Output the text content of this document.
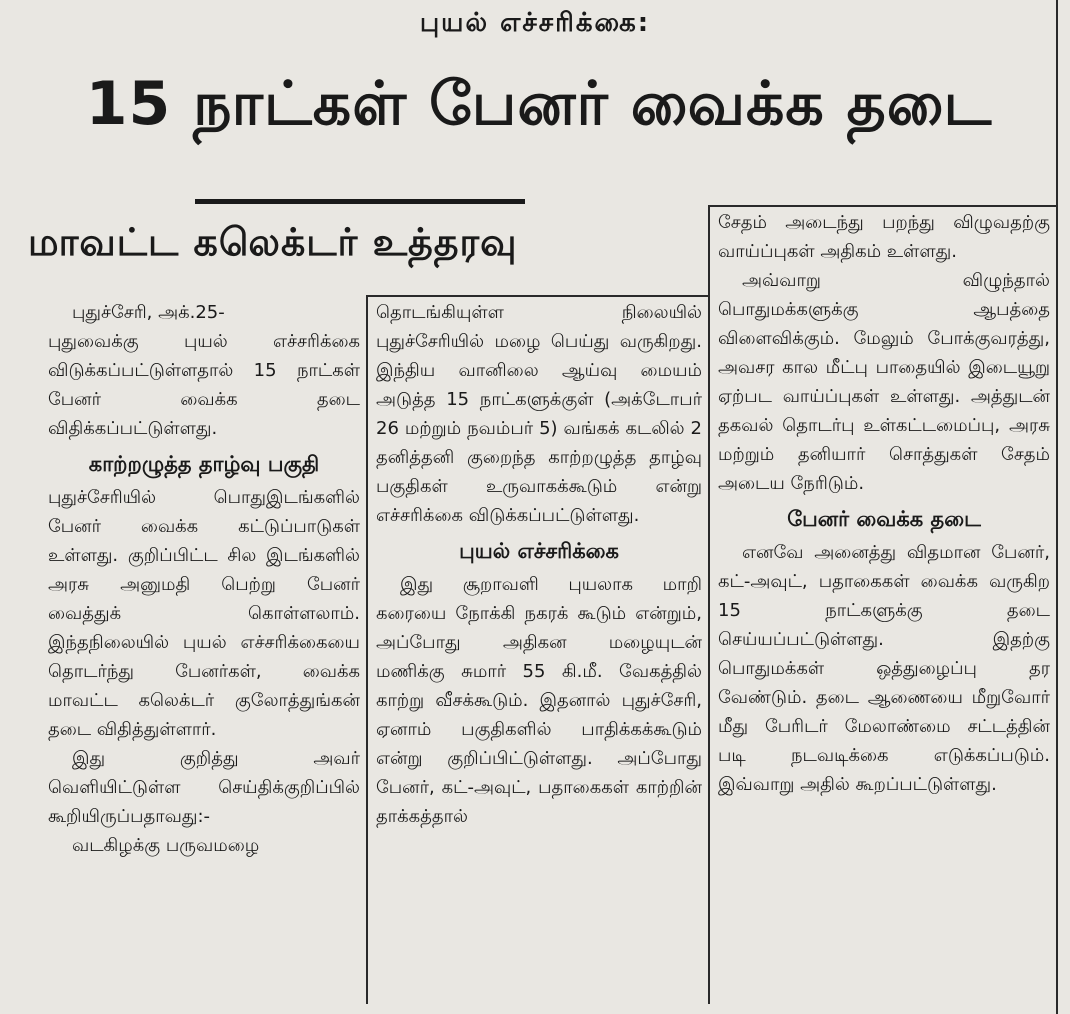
புயல் எச்சரிக்கை:
15 நாட்கள் பேனர் வைக்க தடை
மாவட்ட கலெக்டர் உத்தரவு

புதுச்சேரி, அக்.25-

புதுவைக்கு புயல் எச்சரிக்கை விடுக்கப்பட்டுள்ளதால் 15 நாட்கள் பேனர் வைக்க தடை விதிக்கப்பட்டுள்ளது.

காற்றழுத்த தாழ்வு பகுதி

புதுச்சேரியில் பொதுஇடங்களில் பேனர் வைக்க கட்டுப்பாடுகள் உள்ளது. குறிப்பிட்ட சில இடங்களில் அரசு அனுமதி பெற்று பேனர் வைத்துக் கொள்ளலாம். இந்தநிலையில் புயல் எச்சரிக்கையை தொடர்ந்து பேனர்கள், வைக்க மாவட்ட கலெக்டர் குலோத்துங்கன் தடை விதித்துள்ளார்.

இது குறித்து அவர் வெளியிட்டுள்ள செய்திக்குறிப்பில் கூறியிருப்பதாவது:-

வடகிழக்கு பருவமழை

தொடங்கியுள்ள நிலையில் புதுச்சேரியில் மழை பெய்து வருகிறது. இந்திய வானிலை ஆய்வு மையம் அடுத்த 15 நாட்களுக்குள் (அக்டோபர் 26 மற்றும் நவம்பர் 5) வங்கக் கடலில் 2 தனித்தனி குறைந்த காற்றழுத்த தாழ்வு பகுதிகள் உருவாகக்கூடும் என்று எச்சரிக்கை விடுக்கப்பட்டுள்ளது.

புயல் எச்சரிக்கை

இது சூறாவளி புயலாக மாறி கரையை நோக்கி நகரக் கூடும் என்றும், அப்போது அதிகன மழையுடன் மணிக்கு சுமார் 55 கி.மீ. வேகத்தில் காற்று வீசக்கூடும். இதனால் புதுச்சேரி, ஏனாம் பகுதிகளில் பாதிக்கக்கூடும் என்று குறிப்பிட்டுள்ளது. அப்போது பேனர், கட்-அவுட், பதாகைகள் காற்றின் தாக்கத்தால்

சேதம் அடைந்து பறந்து விழுவதற்கு வாய்ப்புகள் அதிகம் உள்ளது.

அவ்வாறு விழுந்தால் பொதுமக்களுக்கு ஆபத்தை விளைவிக்கும். மேலும் போக்குவரத்து, அவசர கால மீட்பு பாதையில் இடையூறு ஏற்பட வாய்ப்புகள் உள்ளது. அத்துடன் தகவல் தொடர்பு உள்கட்டமைப்பு, அரசு மற்றும் தனியார் சொத்துகள் சேதம் அடைய நேரிடும்.

பேனர் வைக்க தடை

எனவே அனைத்து விதமான பேனர், கட்-அவுட், பதாகைகள் வைக்க வருகிற 15 நாட்களுக்கு தடை செய்யப்பட்டுள்ளது. இதற்கு பொதுமக்கள் ஒத்துழைப்பு தர வேண்டும். தடை ஆணையை மீறுவோர் மீது பேரிடர் மேலாண்மை சட்டத்தின் படி நடவடிக்கை எடுக்கப்படும். இவ்வாறு அதில் கூறப்பட்டுள்ளது.
